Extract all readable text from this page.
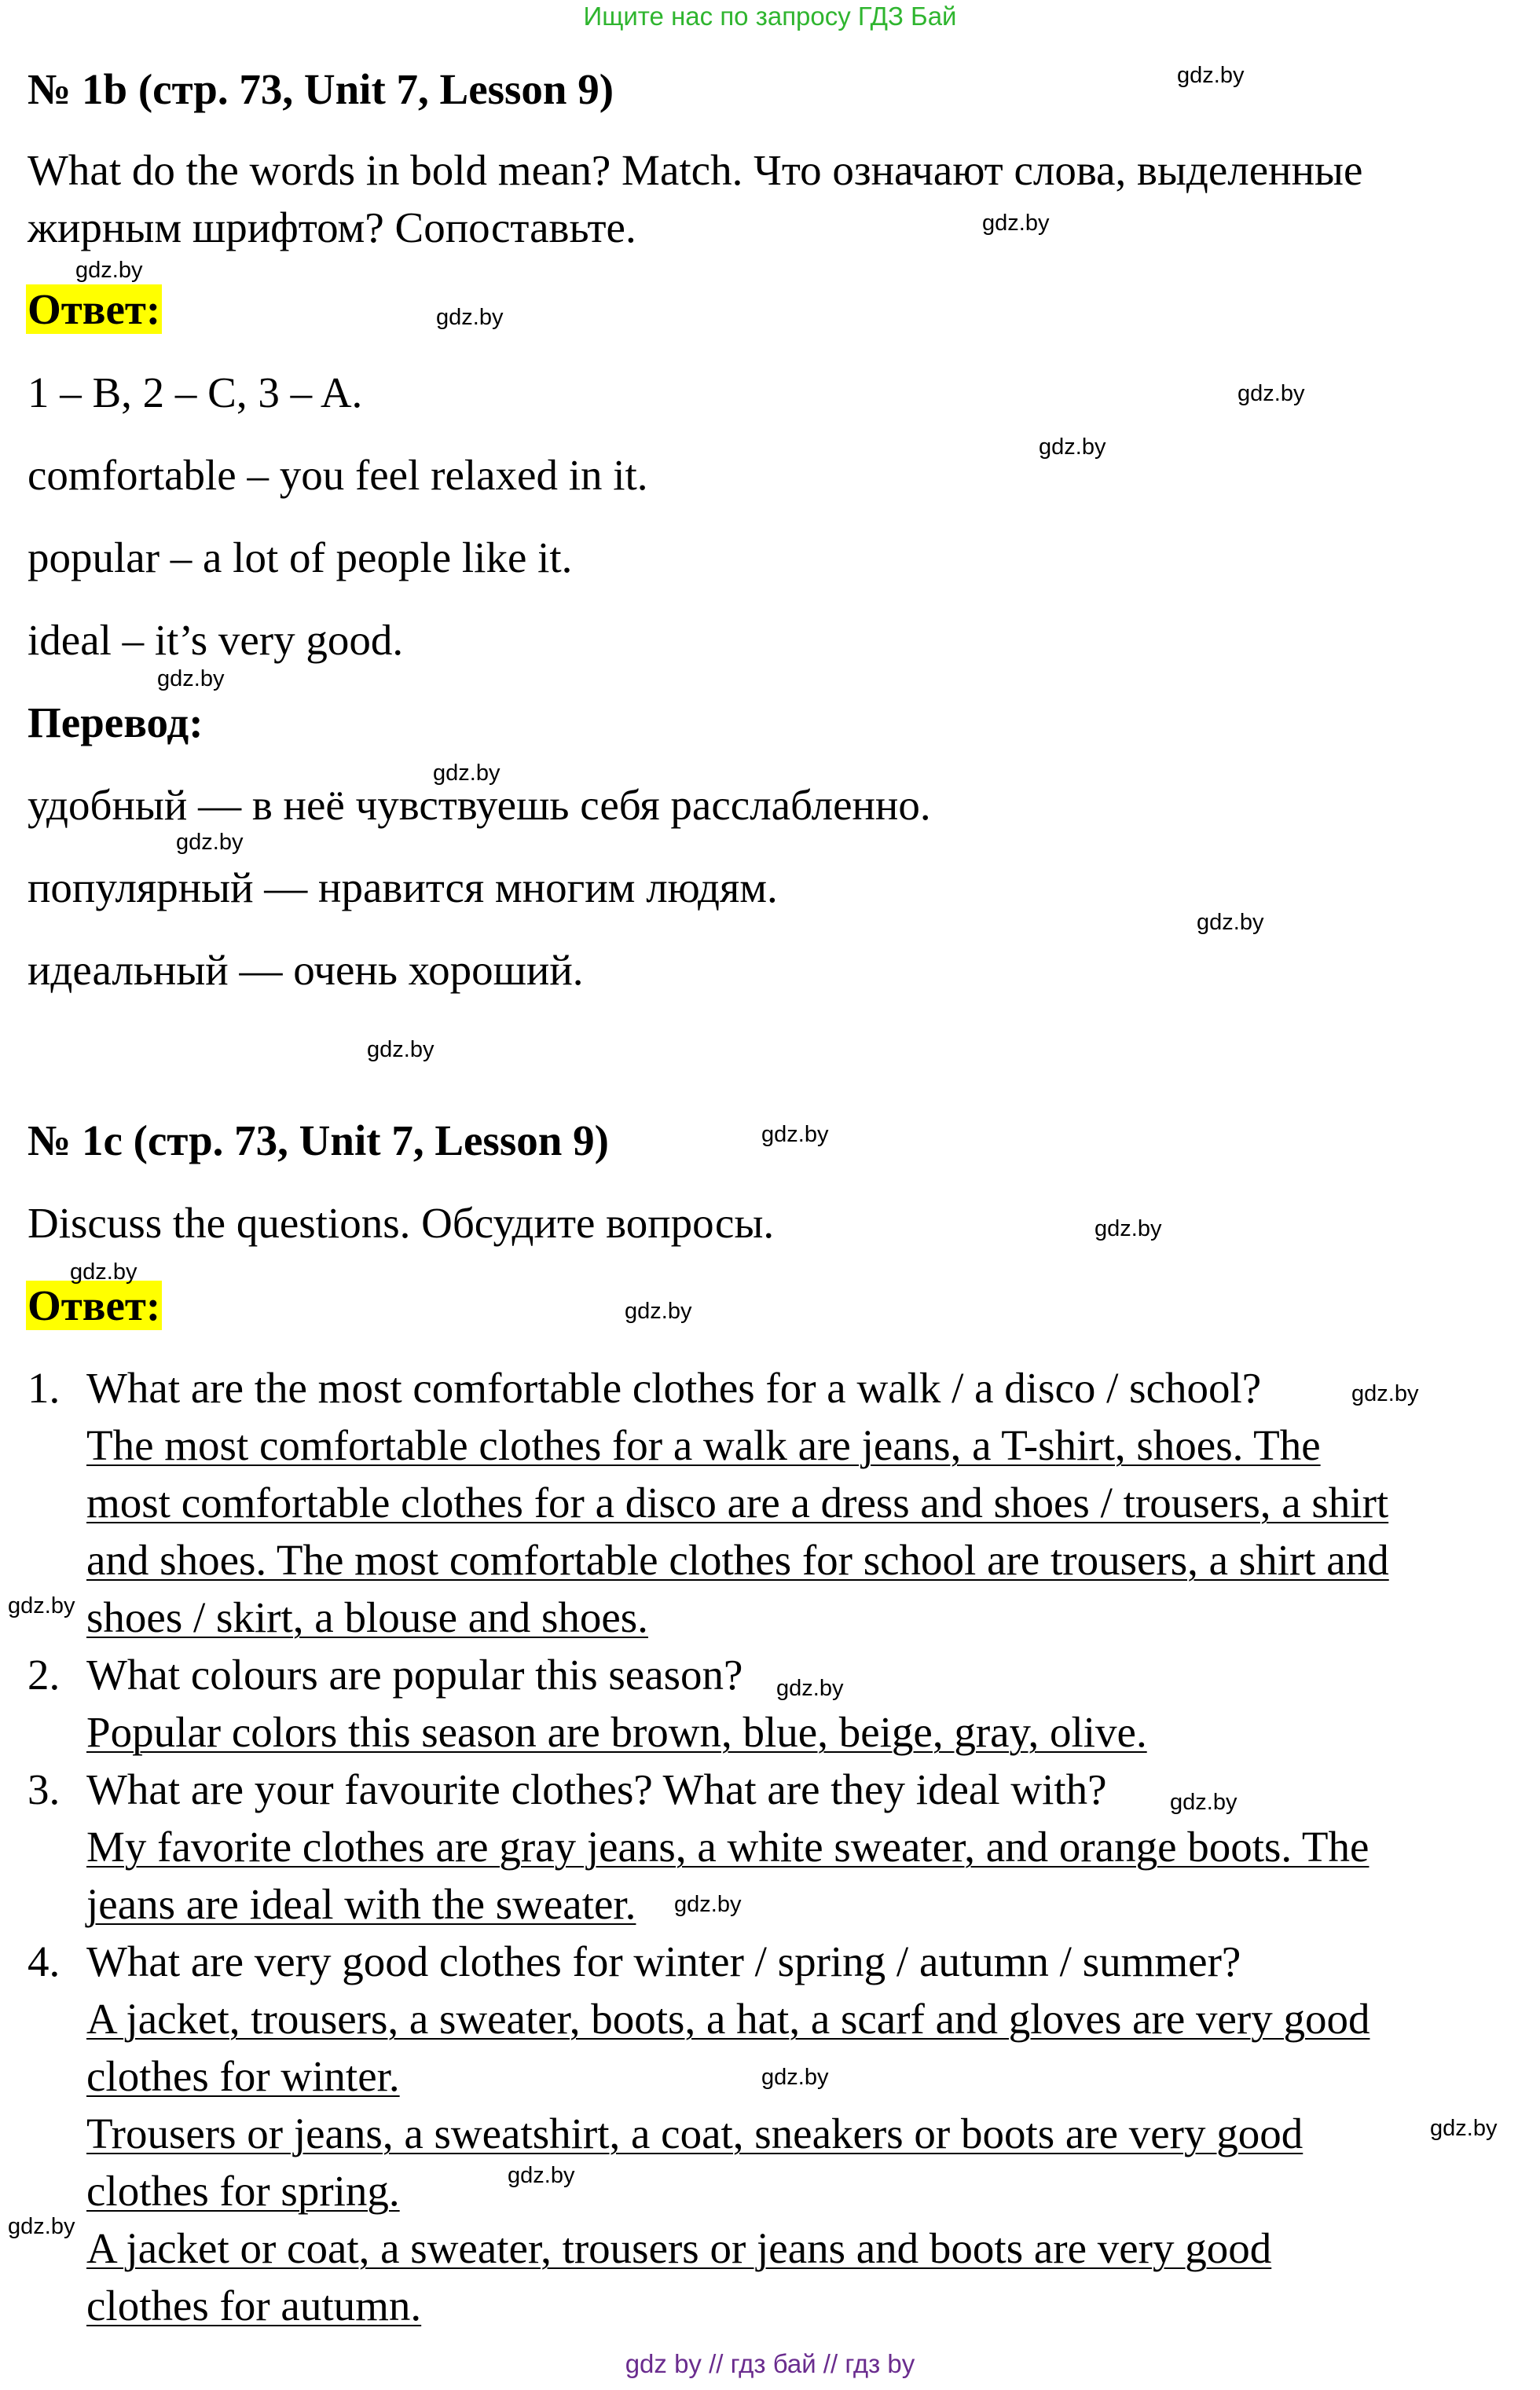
Ищите нас по запросу ГДЗ Бай
№ 1b (стр. 73, Unit 7, Lesson 9)
What do the words in bold mean? Match. Что означают слова, выделенные
жирным шрифтом? Сопоставьте.
Ответ:
1 – B, 2 – C, 3 – A.
comfortable – you feel relaxed in it.
popular – a lot of people like it.
ideal – it’s very good.
Перевод:
удобный — в неё чувствуешь себя расслабленно.
популярный — нравится многим людям.
идеальный — очень хороший.
№ 1c (стр. 73, Unit 7, Lesson 9)
Discuss the questions. Обсудите вопросы.
Ответ:
1. What are the most comfortable clothes for a walk / a disco / school?
The most comfortable clothes for a walk are jeans, a T-shirt, shoes. The
most comfortable clothes for a disco are a dress and shoes / trousers, a shirt
and shoes. The most comfortable clothes for school are trousers, a shirt and
shoes / skirt, a blouse and shoes.
2. What colours are popular this season?
Popular colors this season are brown, blue, beige, gray, olive.
3. What are your favourite clothes? What are they ideal with?
My favorite clothes are gray jeans, a white sweater, and orange boots. The
jeans are ideal with the sweater.
4. What are very good clothes for winter / spring / autumn / summer?
A jacket, trousers, a sweater, boots, a hat, a scarf and gloves are very good
clothes for winter.
Trousers or jeans, a sweatshirt, a coat, sneakers or boots are very good
clothes for spring.
A jacket or coat, a sweater, trousers or jeans and boots are very good
clothes for autumn.
gdz.by
gdz.by
gdz.by
gdz.by
gdz.by
gdz.by
gdz.by
gdz.by
gdz.by
gdz.by
gdz.by
gdz.by
gdz.by
gdz.by
gdz.by
gdz.by
gdz.by
gdz.by
gdz.by
gdz.by
gdz.by
gdz.by
gdz.by
gdz.by
gdz by // гдз бай // гдз by
